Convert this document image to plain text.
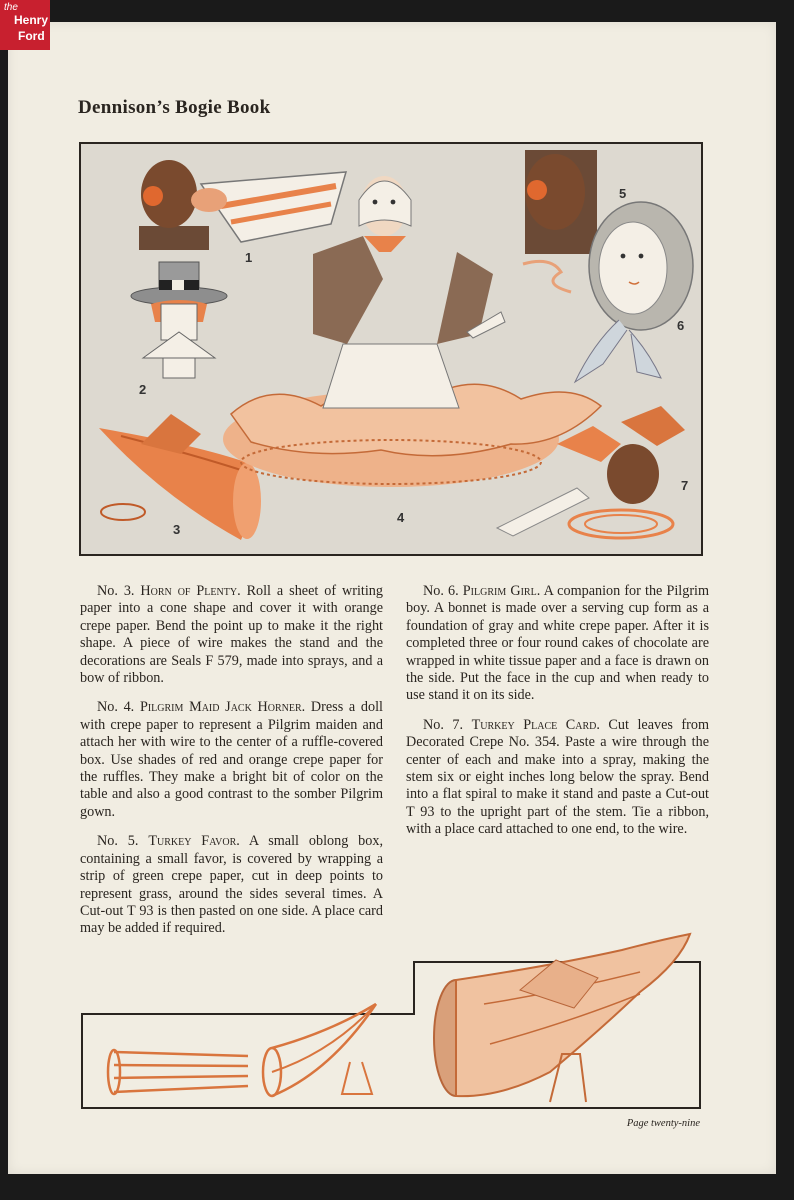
Dennison’s Bogie Book
1
2
3
4
5
6
7

No. 3. Horn of Plenty. Roll a sheet of writing paper into a cone shape and cover it with orange crepe paper. Bend the point up to make it the right shape. A piece of wire makes the stand and the decorations are Seals F 579, made into sprays, and a bow of ribbon.

No. 4. Pilgrim Maid Jack Horner. Dress a doll with crepe paper to represent a Pilgrim maiden and attach her with wire to the center of a ruffle-covered box. Use shades of red and orange crepe paper for the ruffles. They make a bright bit of color on the table and also a good contrast to the somber Pilgrim gown.

No. 5. Turkey Favor. A small oblong box, containing a small favor, is covered by wrapping a strip of green crepe paper, cut in deep points to represent grass, around the sides several times. A Cut-out T 93 is then pasted on one side. A place card may be added if required.

No. 6. Pilgrim Girl. A companion for the Pilgrim boy. A bonnet is made over a serving cup form as a foundation of gray and white crepe paper. After it is completed three or four round cakes of chocolate are wrapped in white tissue paper and a face is drawn on the side. Put the face in the cup and when ready to use stand it on its side.

No. 7. Turkey Place Card. Cut leaves from Decorated Crepe No. 354. Paste a wire through the center of each and make into a spray, making the stem six or eight inches long below the spray. Bend into a flat spiral to make it stand and paste a Cut-out T 93 to the upright part of the stem. Tie a ribbon, with a place card attached to one end, to the wire.

Page twenty-nine
the
Henry
Ford
